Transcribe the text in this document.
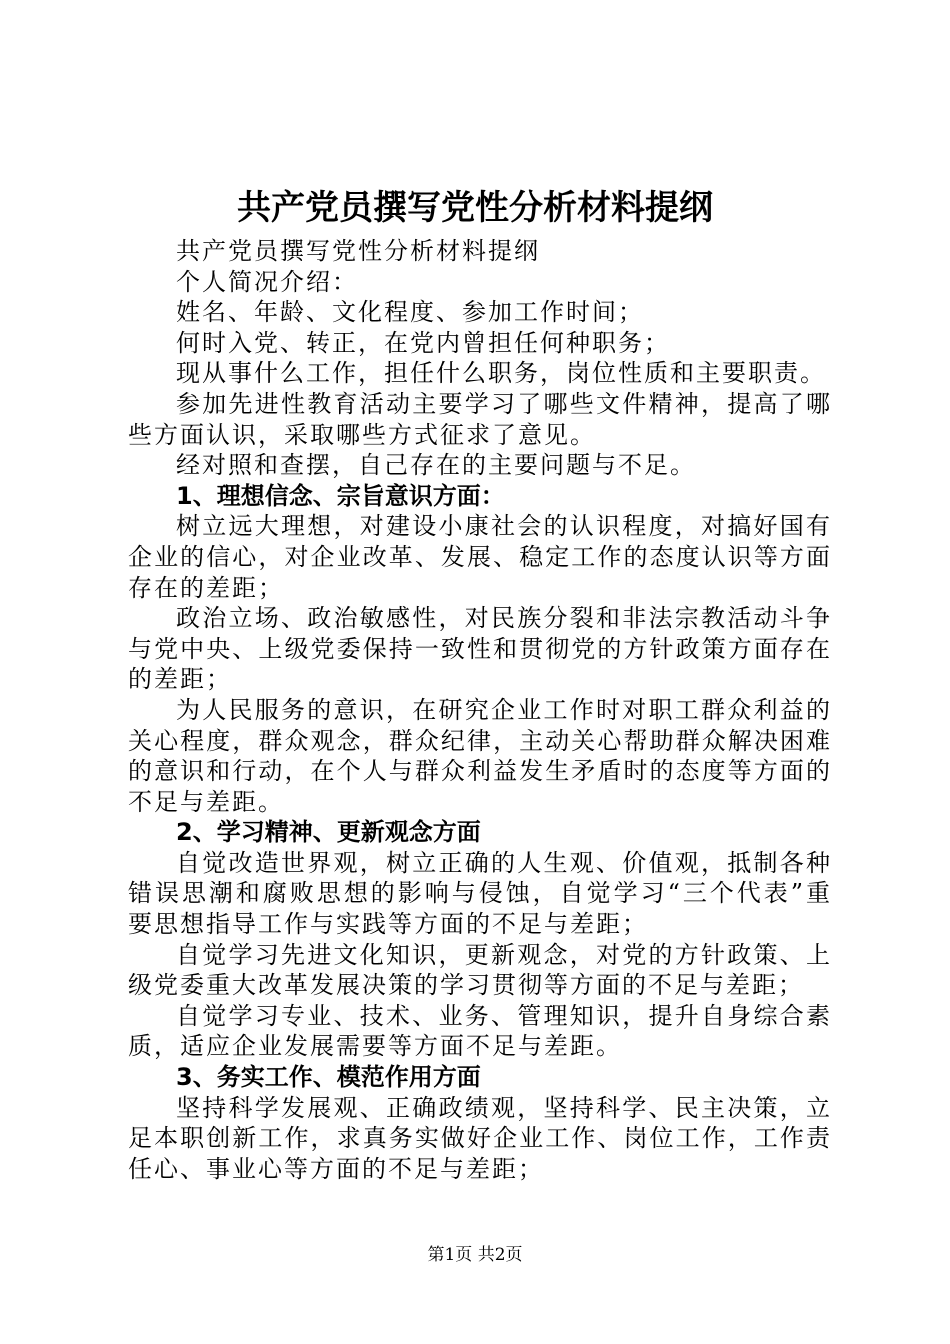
共产党员撰写党性分析材料提纲

共产党员撰写党性分析材料提纲

个人简况介绍：

姓名、年龄、文化程度、参加工作时间；

何时入党、转正，在党内曾担任何种职务；

现从事什么工作，担任什么职务，岗位性质和主要职责。

参加先进性教育活动主要学习了哪些文件精神，提高了哪些方面认识，采取哪些方式征求了意见。

经对照和查摆，自己存在的主要问题与不足。

1、理想信念、宗旨意识方面：

树立远大理想，对建设小康社会的认识程度，对搞好国有企业的信心，对企业改革、发展、稳定工作的态度认识等方面存在的差距；

政治立场、政治敏感性，对民族分裂和非法宗教活动斗争与党中央、上级党委保持一致性和贯彻党的方针政策方面存在的差距；

为人民服务的意识，在研究企业工作时对职工群众利益的关心程度，群众观念，群众纪律，主动关心帮助群众解决困难的意识和行动，在个人与群众利益发生矛盾时的态度等方面的不足与差距。

2、学习精神、更新观念方面

自觉改造世界观，树立正确的人生观、价值观，抵制各种错误思潮和腐败思想的影响与侵蚀，自觉学习“三个代表”重要思想指导工作与实践等方面的不足与差距；

自觉学习先进文化知识，更新观念，对党的方针政策、上级党委重大改革发展决策的学习贯彻等方面的不足与差距；

自觉学习专业、技术、业务、管理知识，提升自身综合素质，适应企业发展需要等方面不足与差距。

3、务实工作、模范作用方面

坚持科学发展观、正确政绩观，坚持科学、民主决策，立足本职创新工作，求真务实做好企业工作、岗位工作，工作责任心、事业心等方面的不足与差距；

第1页 共2页
